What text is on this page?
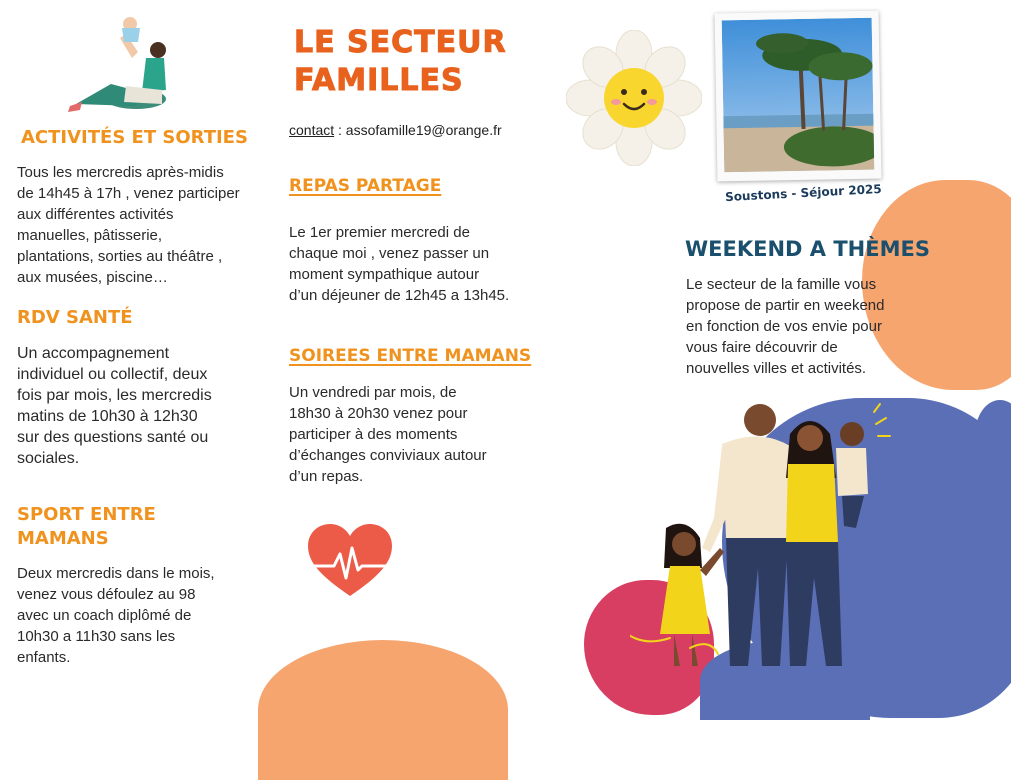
ACTIVITÉS ET SORTIES
Tous les mercredis après-midis
de 14h45 à 17h , venez participer
aux différentes activités
manuelles, pâtisserie,
plantations, sorties au théâtre ,
aux musées, piscine…
RDV SANTÉ
Un accompagnement
individuel ou collectif, deux
fois par mois, les mercredis
matins de 10h30 à 12h30
sur des questions santé ou
sociales.
SPORT ENTRE
MAMANS
Deux mercredis dans le mois,
venez vous défoulez au 98
avec un coach diplômé de
10h30 a 11h30 sans les
enfants.
LE SECTEUR
FAMILLES
contact : assofamille19@orange.fr
REPAS PARTAGE
Le 1er premier mercredi de
chaque moi , venez passer un
moment sympathique autour
d’un déjeuner de 12h45 a 13h45.
SOIREES ENTRE MAMANS
Un vendredi par mois, de
18h30 à 20h30 venez pour
participer à des moments
d’échanges conviviaux autour
d’un repas.
Soustons - Séjour 2025
WEEKEND A THÈMES
Le secteur de la famille vous
propose de partir en weekend
en fonction de vos envie pour
vous faire découvrir de
nouvelles villes et activités.
